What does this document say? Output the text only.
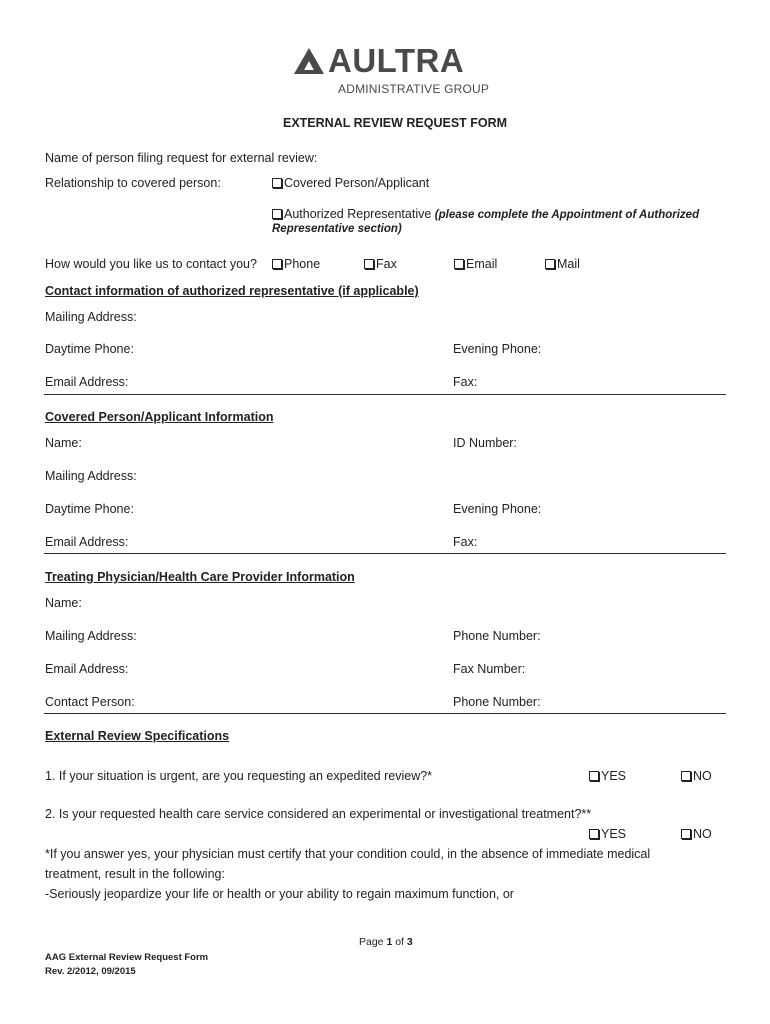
AULTRA
ADMINISTRATIVE GROUP
EXTERNAL REVIEW REQUEST FORM
Name of person filing request for external review:
Relationship to covered person:	Covered Person/Applicant
Authorized Representative (please complete the Appointment of Authorized
Representative section)
How would you like us to contact you?	Phone	Fax	Email	Mail
Contact information of authorized representative (if applicable)
Mailing Address:
Daytime Phone:	Evening Phone:
Email Address:	Fax:
Covered Person/Applicant Information
Name:	ID Number:
Mailing Address:
Daytime Phone:	Evening Phone:
Email Address:	Fax:
Treating Physician/Health Care Provider Information
Name:
Mailing Address:	Phone Number:
Email Address:	Fax Number:
Contact Person:	Phone Number:
External Review Specifications
1. If your situation is urgent, are you requesting an expedited review?*	YES	NO
2. Is your requested health care service considered an experimental or investigational treatment?**
YES	NO
*If you answer yes, your physician must certify that your condition could, in the absence of immediate medical
treatment, result in the following:
-Seriously jeopardize your life or health or your ability to regain maximum function, or
Page 1 of 3
AAG External Review Request Form
Rev. 2/2012, 09/2015
